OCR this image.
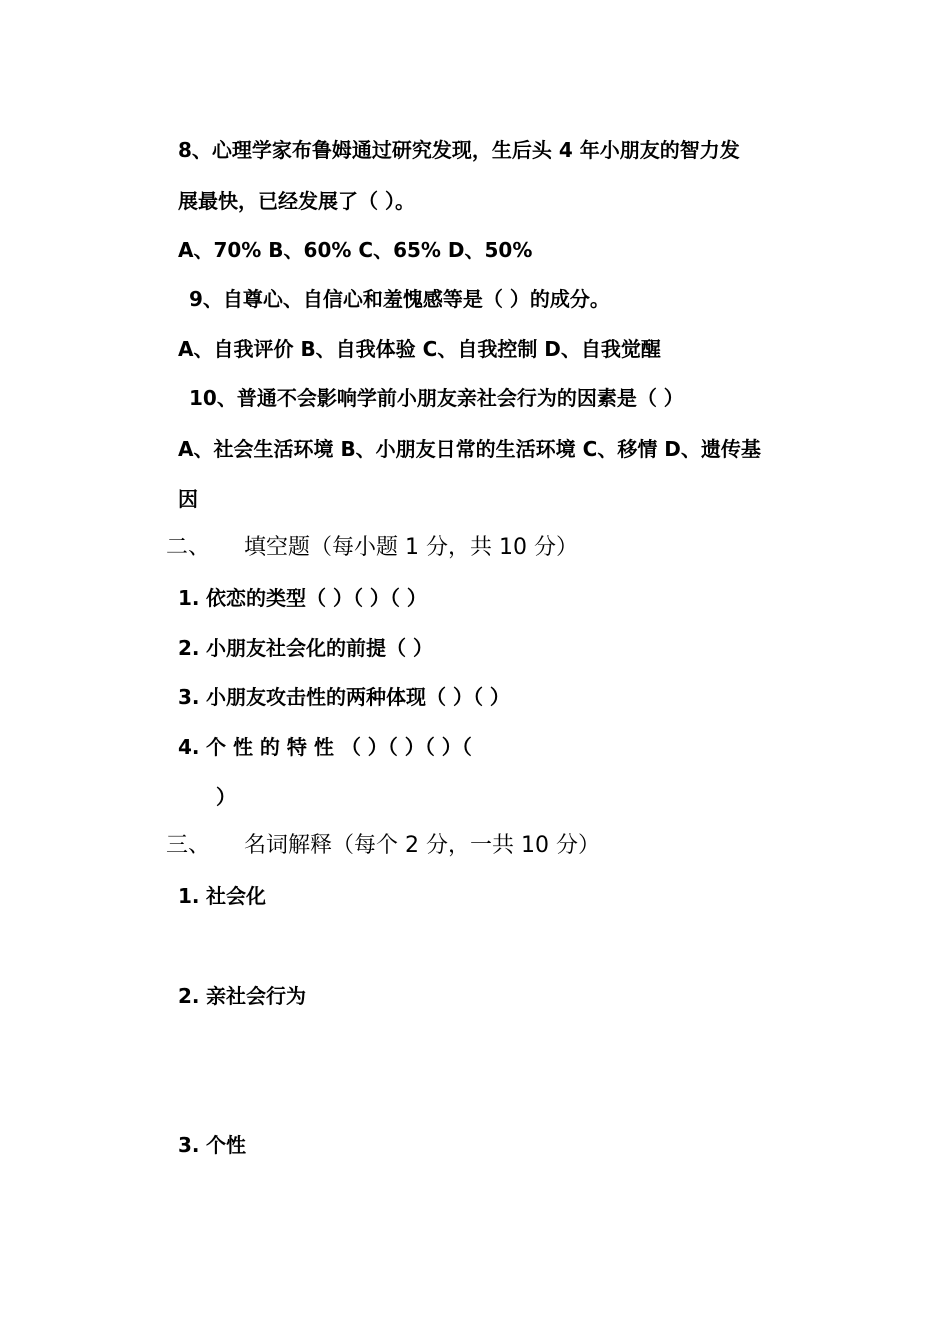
8、心理学家布鲁姆通过研究发现，生后头 4 年小朋友的智力发
展最快，已经发展了（ ）。
A、70% B、60% C、65% D、50%
9、自尊心、自信心和羞愧感等是（ ）的成分。
A、自我评价 B、自我体验 C、自我控制 D、自我觉醒
10、普通不会影响学前小朋友亲社会行为的因素是（ ）
A、社会生活环境 B、小朋友日常的生活环境 C、移情 D、遗传基
因
二、 填空题（每小题 1 分，共 10 分）
1. 依恋的类型（ ）（ ）（ ）
2. 小朋友社会化的前提（ ）
3. 小朋友攻击性的两种体现（ ）（ ）
4. 个 性 的 特 性 （ ）（ ）（ ）（
）
三、 名词解释（每个 2 分，一共 10 分）
1. 社会化
2. 亲社会行为
3. 个性
